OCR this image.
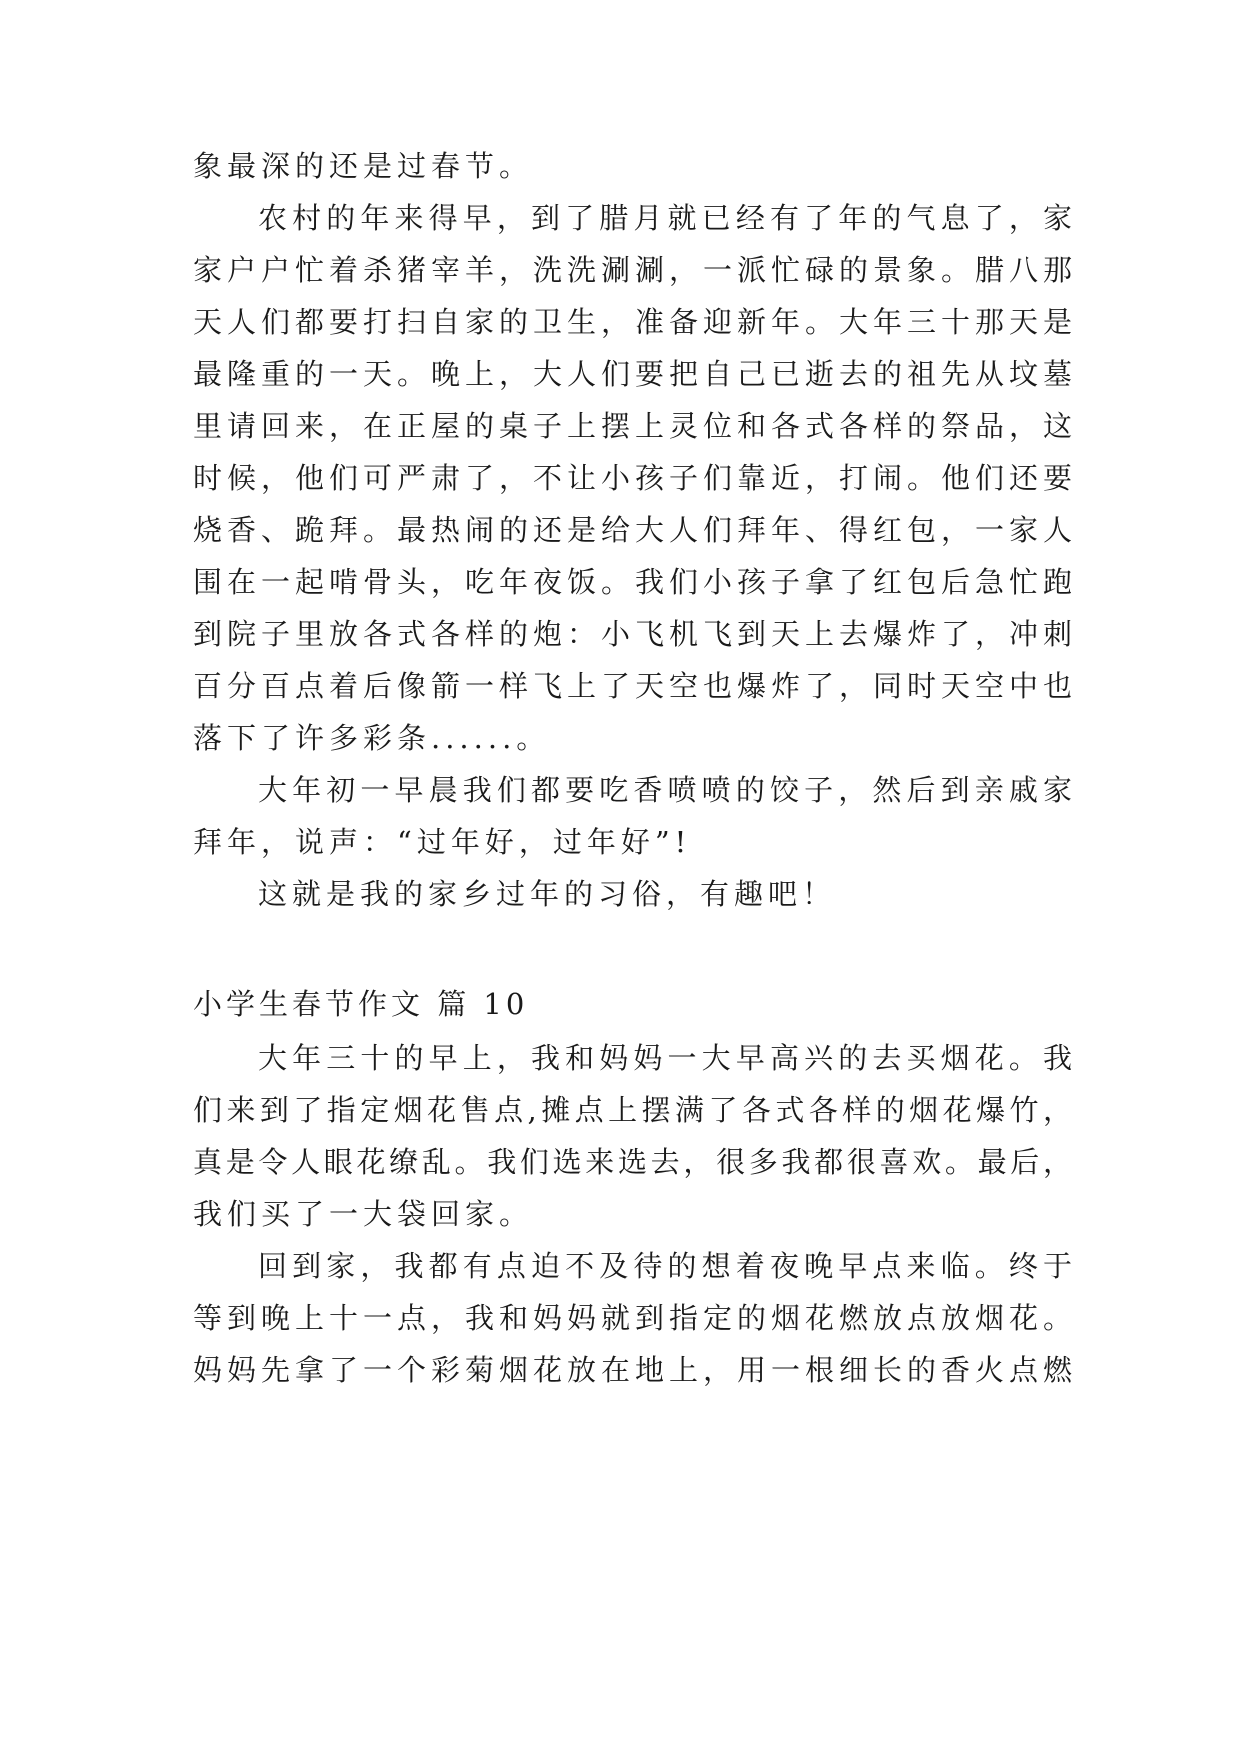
象最深的还是过春节。
农村的年来得早，到了腊月就已经有了年的气息了，家
家户户忙着杀猪宰羊，洗洗涮涮，一派忙碌的景象。腊八那
天人们都要打扫自家的卫生，准备迎新年。大年三十那天是
最隆重的一天。晚上，大人们要把自己已逝去的祖先从坟墓
里请回来，在正屋的桌子上摆上灵位和各式各样的祭品，这
时候，他们可严肃了，不让小孩子们靠近，打闹。他们还要
烧香、跪拜。最热闹的还是给大人们拜年、得红包，一家人
围在一起啃骨头，吃年夜饭。我们小孩子拿了红包后急忙跑
到院子里放各式各样的炮：小飞机飞到天上去爆炸了，冲刺
百分百点着后像箭一样飞上了天空也爆炸了，同时天空中也
落下了许多彩条......。
大年初一早晨我们都要吃香喷喷的饺子，然后到亲戚家
拜年，说声：“过年好，过年好”!
这就是我的家乡过年的习俗，有趣吧！
小学生春节作文 篇 10
大年三十的早上，我和妈妈一大早高兴的去买烟花。我
们来到了指定烟花售点,摊点上摆满了各式各样的烟花爆竹，
真是令人眼花缭乱。我们选来选去，很多我都很喜欢。最后，
我们买了一大袋回家。
回到家，我都有点迫不及待的想着夜晚早点来临。终于
等到晚上十一点，我和妈妈就到指定的烟花燃放点放烟花。
妈妈先拿了一个彩菊烟花放在地上，用一根细长的香火点燃
